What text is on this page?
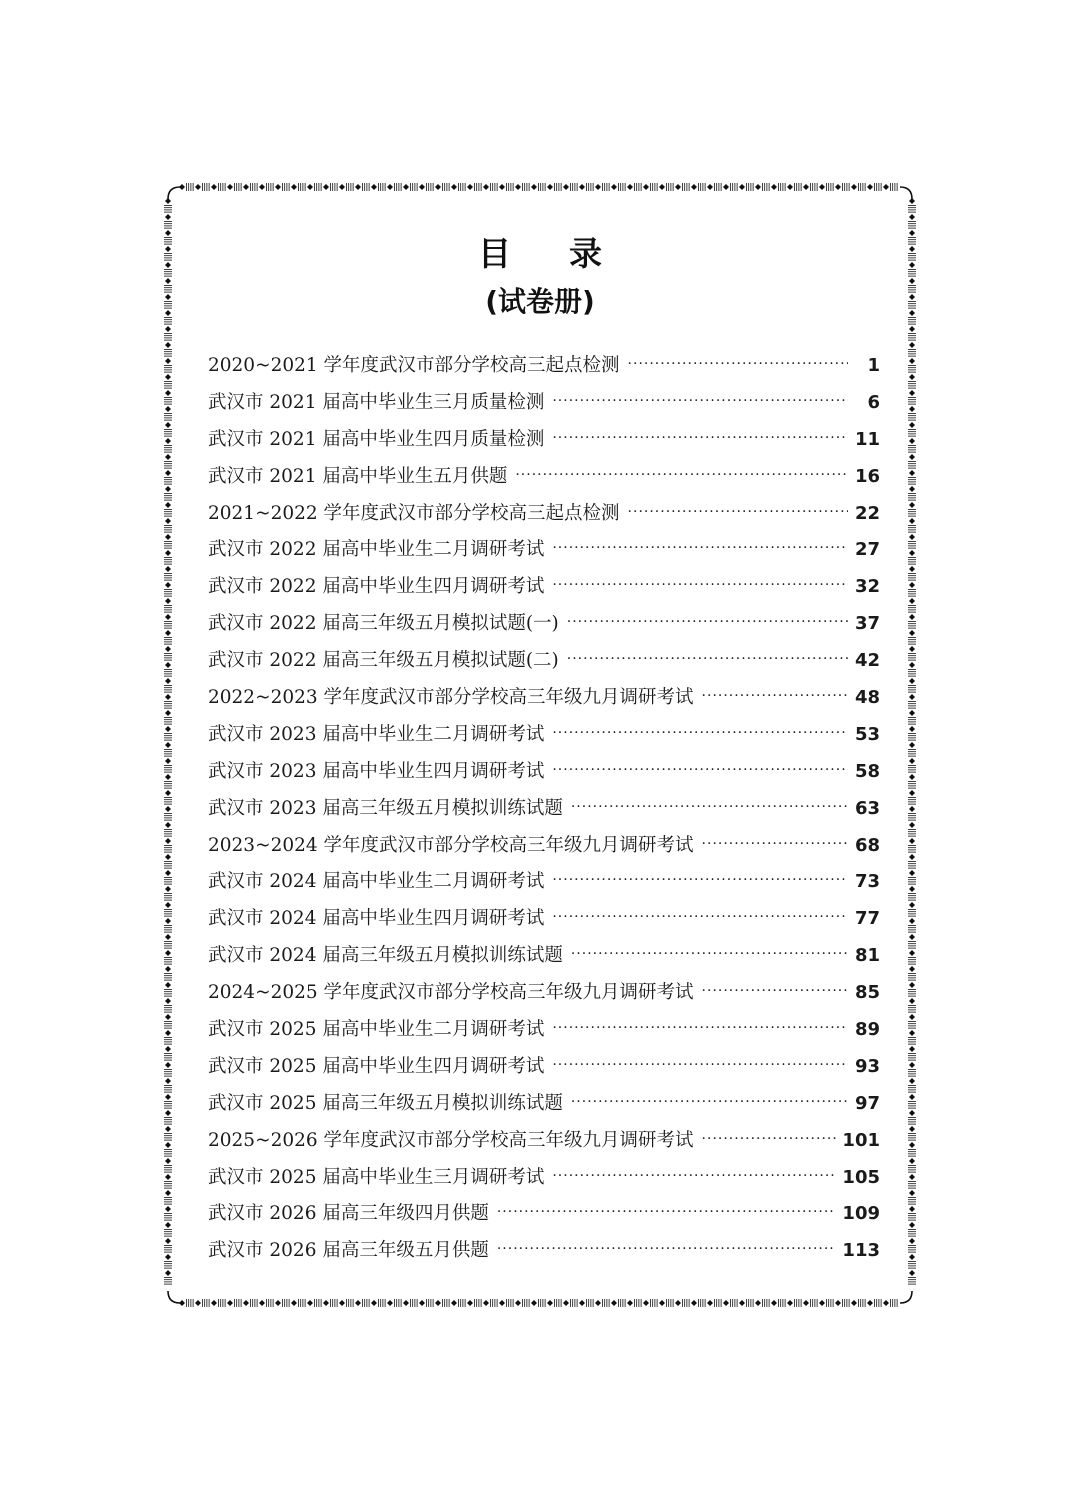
目 录
(试卷册)
2020~2021 学年度武汉市部分学校高三起点检测 ·····	1
武汉市 2021 届高中毕业生三月质量检测 ·····	6
武汉市 2021 届高中毕业生四月质量检测 ·····	11
武汉市 2021 届高中毕业生五月供题 ·····	16
2021~2022 学年度武汉市部分学校高三起点检测 ·····	22
武汉市 2022 届高中毕业生二月调研考试 ·····	27
武汉市 2022 届高中毕业生四月调研考试 ·····	32
武汉市 2022 届高三年级五月模拟试题(一) ·····	37
武汉市 2022 届高三年级五月模拟试题(二) ·····	42
2022~2023 学年度武汉市部分学校高三年级九月调研考试 ·····	48
武汉市 2023 届高中毕业生二月调研考试 ·····	53
武汉市 2023 届高中毕业生四月调研考试 ·····	58
武汉市 2023 届高三年级五月模拟训练试题 ·····	63
2023~2024 学年度武汉市部分学校高三年级九月调研考试 ·····	68
武汉市 2024 届高中毕业生二月调研考试 ·····	73
武汉市 2024 届高中毕业生四月调研考试 ·····	77
武汉市 2024 届高三年级五月模拟训练试题 ·····	81
2024~2025 学年度武汉市部分学校高三年级九月调研考试 ·····	85
武汉市 2025 届高中毕业生二月调研考试 ·····	89
武汉市 2025 届高中毕业生四月调研考试 ·····	93
武汉市 2025 届高三年级五月模拟训练试题 ·····	97
2025~2026 学年度武汉市部分学校高三年级九月调研考试 ·····	101
武汉市 2025 届高中毕业生三月调研考试 ·····	105
武汉市 2026 届高三年级四月供题 ·····	109
武汉市 2026 届高三年级五月供题 ·····	113
